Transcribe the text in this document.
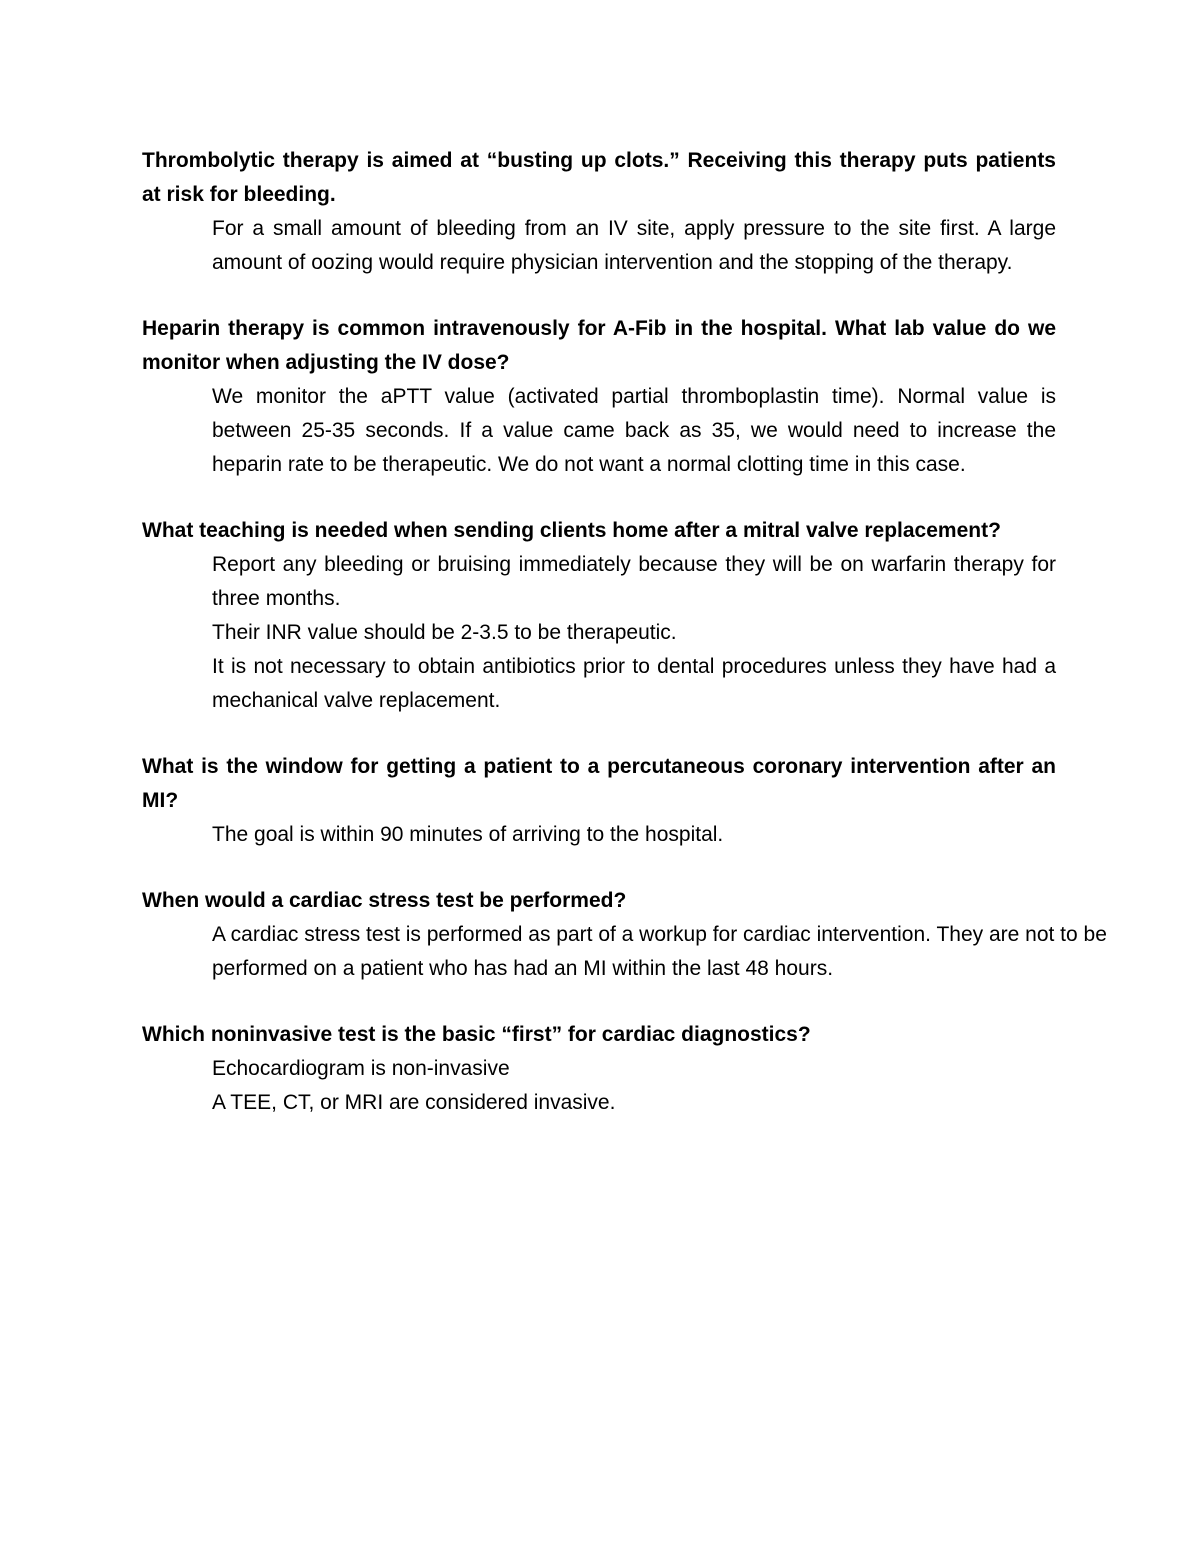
Thrombolytic therapy is aimed at “busting up clots.” Receiving this therapy puts patients at risk for bleeding.

For a small amount of bleeding from an IV site, apply pressure to the site first. A large amount of oozing would require physician intervention and the stopping of the therapy.

Heparin therapy is common intravenously for A-Fib in the hospital. What lab value do we monitor when adjusting the IV dose?

We monitor the aPTT value (activated partial thromboplastin time). Normal value is between 25-35 seconds. If a value came back as 35, we would need to increase the heparin rate to be therapeutic. We do not want a normal clotting time in this case.

What teaching is needed when sending clients home after a mitral valve replacement?

Report any bleeding or bruising immediately because they will be on warfarin therapy for three months.

Their INR value should be 2-3.5 to be therapeutic.

It is not necessary to obtain antibiotics prior to dental procedures unless they have had a mechanical valve replacement.

What is the window for getting a patient to a percutaneous coronary intervention after an MI?

The goal is within 90 minutes of arriving to the hospital.

When would a cardiac stress test be performed?

A cardiac stress test is performed as part of a workup for cardiac intervention. They are not to be performed on a patient who has had an MI within the last 48 hours.

Which noninvasive test is the basic “first” for cardiac diagnostics?

Echocardiogram is non-invasive

A TEE, CT, or MRI are considered invasive.
